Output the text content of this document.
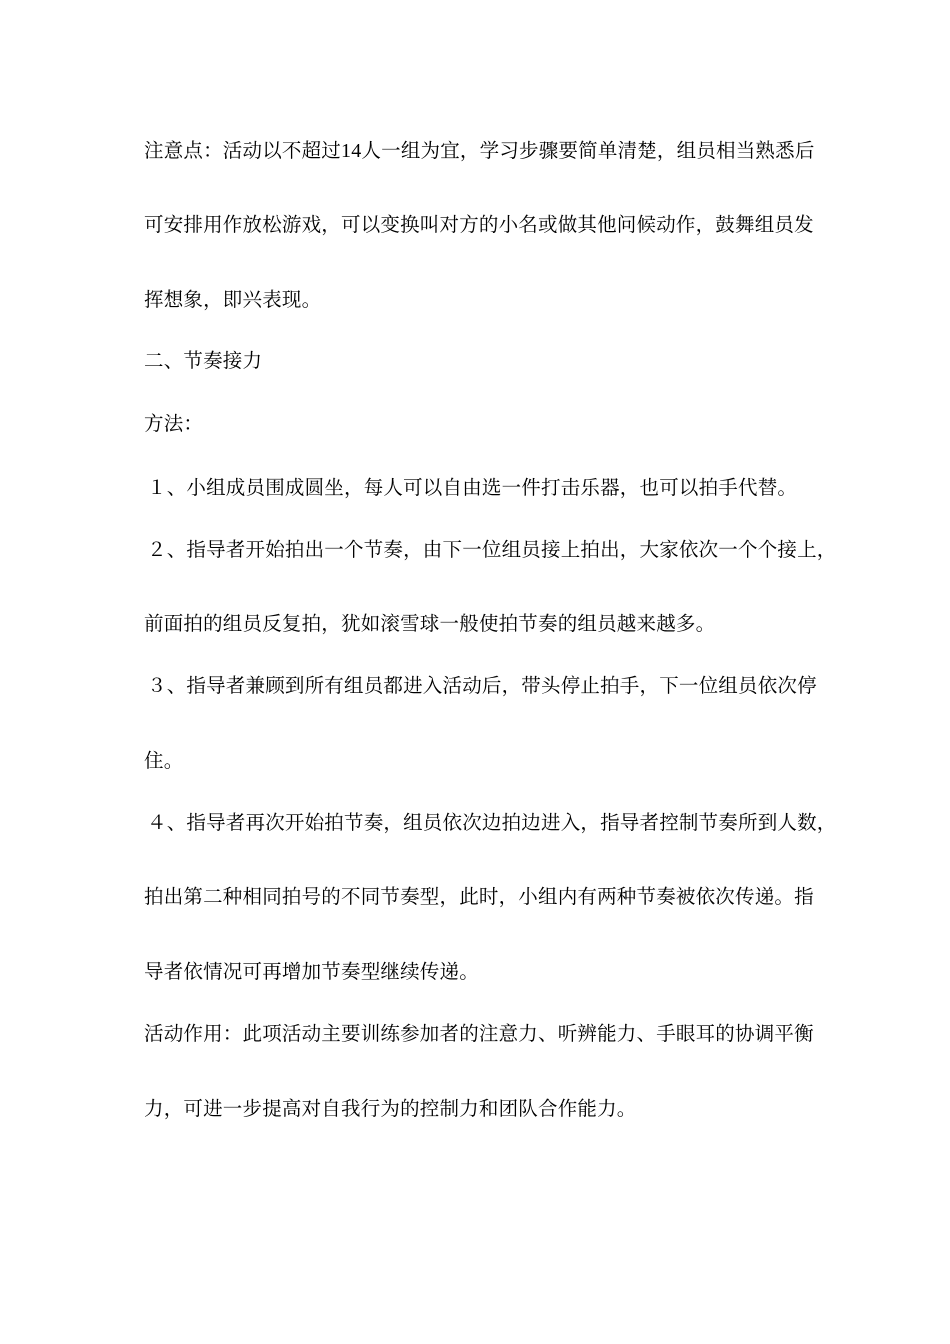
注意点：活动以不超过14人一组为宜，学习步骤要简单清楚，组员相当熟悉后
可安排用作放松游戏，可以变换叫对方的小名或做其他问候动作，鼓舞组员发
挥想象，即兴表现。
二、节奏接力
方法：
１、小组成员围成圆坐，每人可以自由选一件打击乐器，也可以拍手代替。
２、指导者开始拍出一个节奏，由下一位组员接上拍出，大家依次一个个接上，
前面拍的组员反复拍，犹如滚雪球一般使拍节奏的组员越来越多。
３、指导者兼顾到所有组员都进入活动后，带头停止拍手，下一位组员依次停
住。
４、指导者再次开始拍节奏，组员依次边拍边进入，指导者控制节奏所到人数，
拍出第二种相同拍号的不同节奏型，此时，小组内有两种节奏被依次传递。指
导者依情况可再增加节奏型继续传递。
活动作用：此项活动主要训练参加者的注意力、听辨能力、手眼耳的协调平衡
力，可进一步提高对自我行为的控制力和团队合作能力。
